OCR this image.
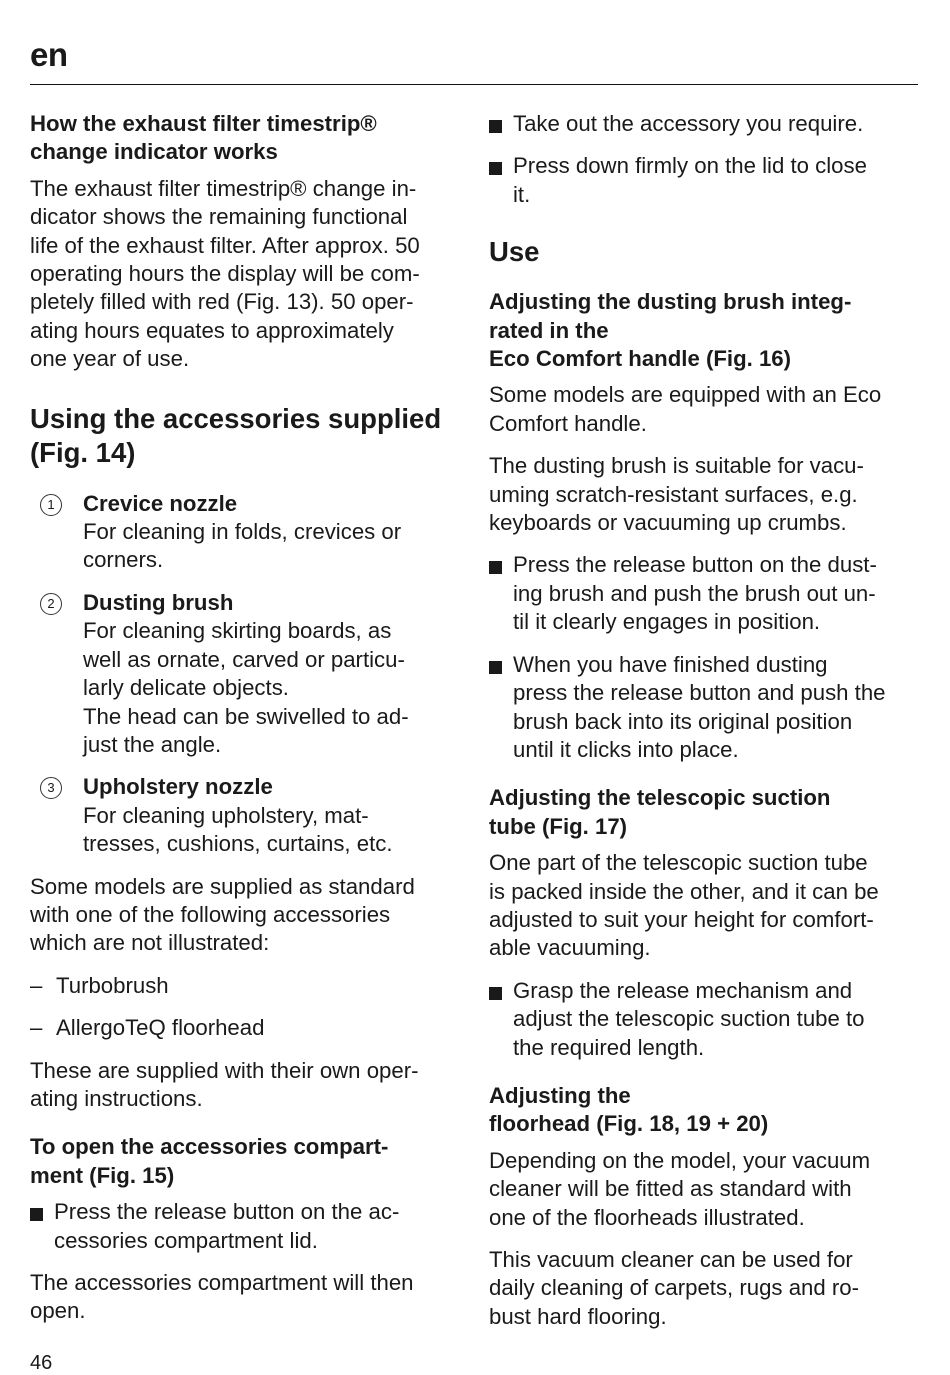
en
How the exhaust filter timestrip®
change indicator works

The exhaust filter timestrip® change in-
dicator shows the remaining functional
life of the exhaust filter. After approx. 50
operating hours the display will be com-
pletely filled with red (Fig. 13). 50 oper-
ating hours equates to approximately
one year of use.

Using the accessories supplied
(Fig. 14)
1	Crevice nozzle
For cleaning in folds, crevices or
corners.
2	Dusting brush
For cleaning skirting boards, as
well as ornate, carved or particu-
larly delicate objects.
The head can be swivelled to ad-
just the angle.
3	Upholstery nozzle
For cleaning upholstery, mat-
tresses, cushions, curtains, etc.

Some models are supplied as standard
with one of the following accessories
which are not illustrated:

– Turbobrush
– AllergoTeQ floorhead

These are supplied with their own oper-
ating instructions.

To open the accessories compart-
ment (Fig. 15)
Press the release button on the ac-
cessories compartment lid.

The accessories compartment will then
open.

Take out the accessory you require.
Press down firmly on the lid to close
it.
Use
Adjusting the dusting brush integ-
rated in the
Eco Comfort handle (Fig. 16)

Some models are equipped with an Eco
Comfort handle.

The dusting brush is suitable for vacu-
uming scratch-resistant surfaces, e.g.
keyboards or vacuuming up crumbs.

Press the release button on the dust-
ing brush and push the brush out un-
til it clearly engages in position.
When you have finished dusting
press the release button and push the
brush back into its original position
until it clicks into place.
Adjusting the telescopic suction
tube (Fig. 17)

One part of the telescopic suction tube
is packed inside the other, and it can be
adjusted to suit your height for comfort-
able vacuuming.

Grasp the release mechanism and
adjust the telescopic suction tube to
the required length.
Adjusting the
floorhead (Fig. 18, 19 + 20)

Depending on the model, your vacuum
cleaner will be fitted as standard with
one of the floorheads illustrated.

This vacuum cleaner can be used for
daily cleaning of carpets, rugs and ro-
bust hard flooring.

46
